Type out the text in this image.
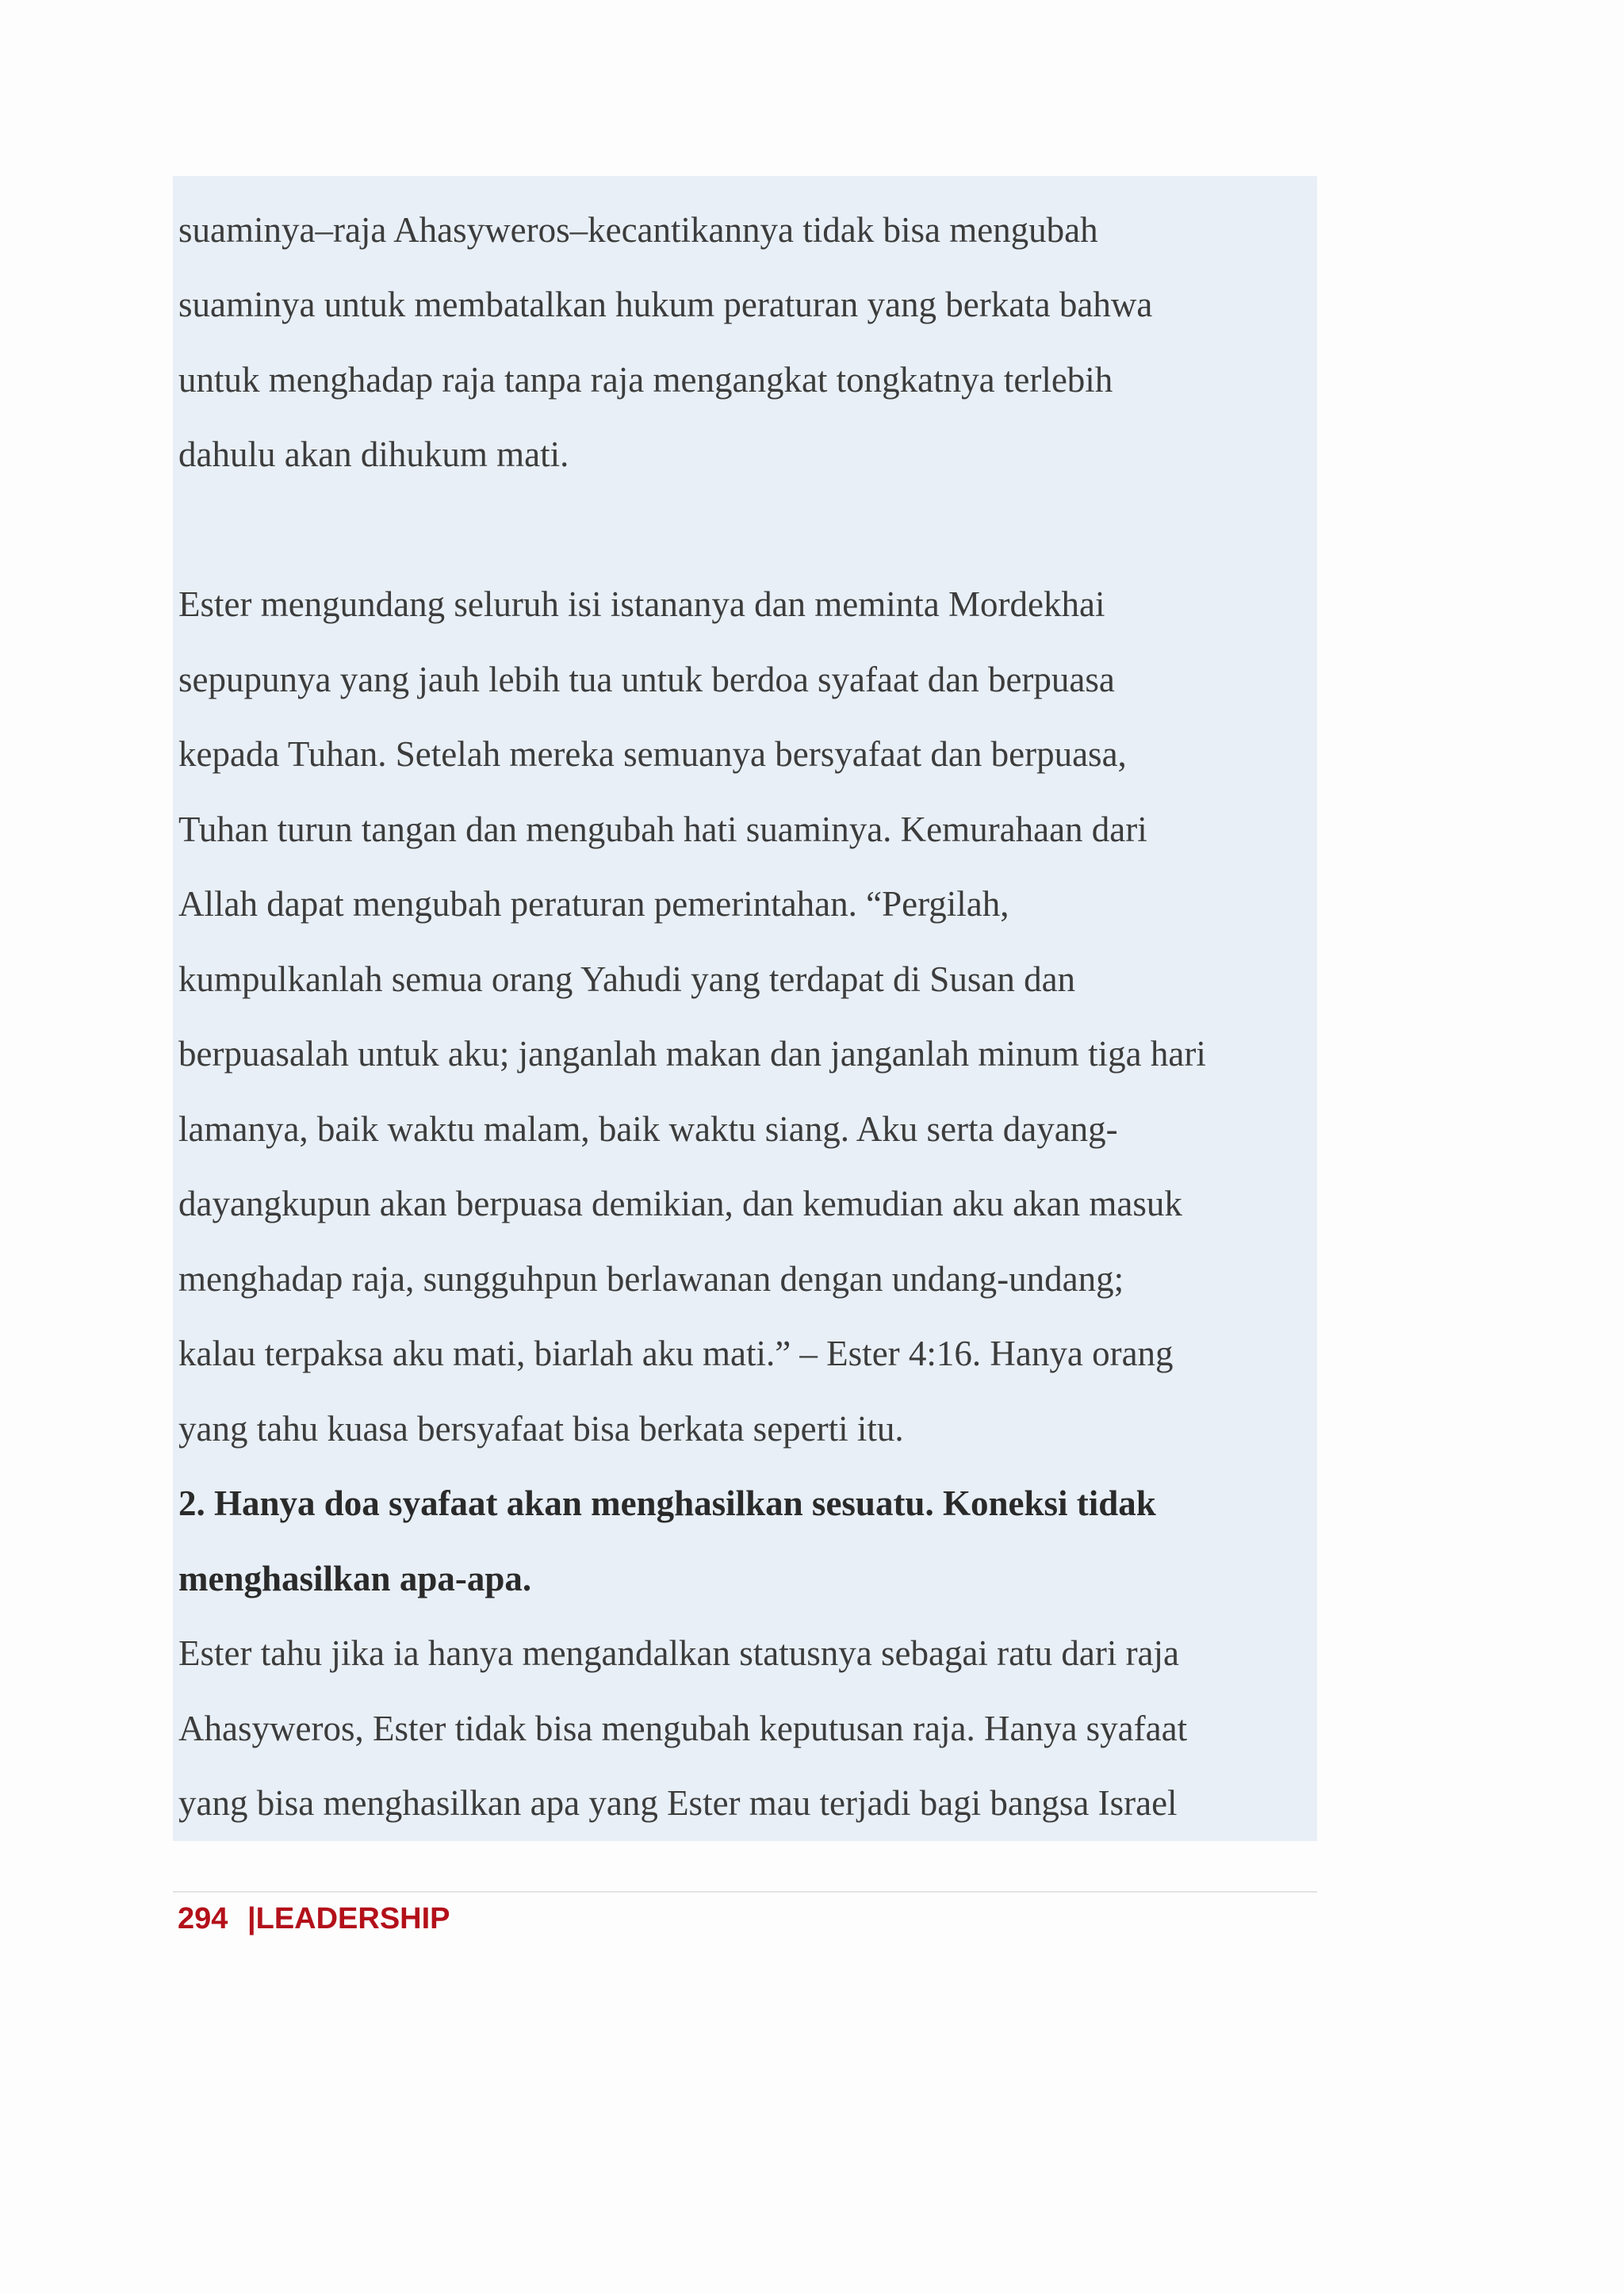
suaminya–raja Ahasyweros–kecantikannya tidak bisa mengubah

suaminya untuk membatalkan hukum peraturan yang berkata bahwa

untuk menghadap raja tanpa raja mengangkat tongkatnya terlebih

dahulu akan dihukum mati.

Ester mengundang seluruh isi istananya dan meminta Mordekhai

sepupunya yang jauh lebih tua untuk berdoa syafaat dan berpuasa

kepada Tuhan. Setelah mereka semuanya bersyafaat dan berpuasa,

Tuhan turun tangan dan mengubah hati suaminya. Kemurahaan dari

Allah dapat mengubah peraturan pemerintahan. “Pergilah,

kumpulkanlah semua orang Yahudi yang terdapat di Susan dan

berpuasalah untuk aku; janganlah makan dan janganlah minum tiga hari

lamanya, baik waktu malam, baik waktu siang. Aku serta dayang-

dayangkupun akan berpuasa demikian, dan kemudian aku akan masuk

menghadap raja, sungguhpun berlawanan dengan undang-undang;

kalau terpaksa aku mati, biarlah aku mati.” – Ester 4:16. Hanya orang

yang tahu kuasa bersyafaat bisa berkata seperti itu.

2. Hanya doa syafaat akan menghasilkan sesuatu. Koneksi tidak

menghasilkan apa-apa.

Ester tahu jika ia hanya mengandalkan statusnya sebagai ratu dari raja

Ahasyweros, Ester tidak bisa mengubah keputusan raja. Hanya syafaat

yang bisa menghasilkan apa yang Ester mau terjadi bagi bangsa Israel

294 |LEADERSHIP
